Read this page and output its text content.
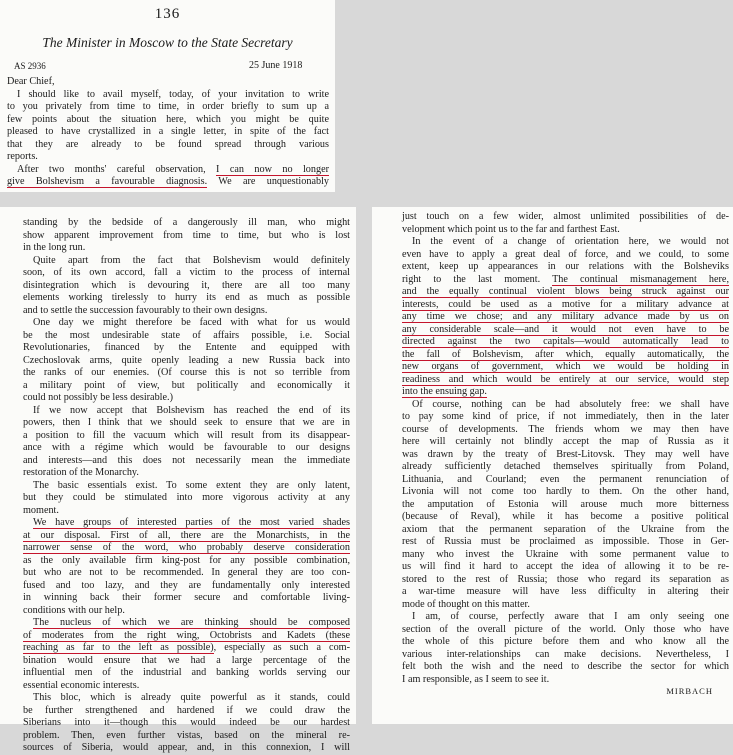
136
The Minister in Moscow to the State Secretary
AS 2936	25 June 1918
Dear Chief,
I should like to avail myself, today, of your invitation to write
to you privately from time to time, in order briefly to sum up a
few points about the situation here, which you might be quite
pleased to have crystallized in a single letter, in spite of the fact
that they are already to be found spread through various
reports.
After two months' careful observation, I can now no longer
give Bolshevism a favourable diagnosis. We are unquestionably
standing by the bedside of a dangerously ill man, who might
show apparent improvement from time to time, but who is lost
in the long run.
Quite apart from the fact that Bolshevism would definitely
soon, of its own accord, fall a victim to the process of internal
disintegration which is devouring it, there are all too many
elements working tirelessly to hurry its end as much as possible
and to settle the succession favourably to their own designs.
One day we might therefore be faced with what for us would
be the most undesirable state of affairs possible, i.e. Social
Revolutionaries, financed by the Entente and equipped with
Czechoslovak arms, quite openly leading a new Russia back into
the ranks of our enemies. (Of course this is not so terrible from
a military point of view, but politically and economically it
could not possibly be less desirable.)
If we now accept that Bolshevism has reached the end of its
powers, then I think that we should seek to ensure that we are in
a position to fill the vacuum which will result from its disappear-
ance with a régime which would be favourable to our designs
and interests—and this does not necessarily mean the immediate
restoration of the Monarchy.
The basic essentials exist. To some extent they are only latent,
but they could be stimulated into more vigorous activity at any
moment.
We have groups of interested parties of the most varied shades
at our disposal. First of all, there are the Monarchists, in the
narrower sense of the word, who probably deserve consideration
as the only available firm king-post for any possible combination,
but who are not to be recommended. In general they are too con-
fused and too lazy, and they are fundamentally only interested
in winning back their former secure and comfortable living-
conditions with our help.
The nucleus of which we are thinking should be composed
of moderates from the right wing, Octobrists and Kadets (these
reaching as far to the left as possible), especially as such a com-
bination would ensure that we had a large percentage of the
influential men of the industrial and banking worlds serving our
essential economic interests.
This bloc, which is already quite powerful as it stands, could
be further strengthened and hardened if we could draw the
Siberians into it—though this would indeed be our hardest
problem. Then, even further vistas, based on the mineral re-
sources of Siberia, would appear, and, in this connexion, I will
just touch on a few wider, almost unlimited possibilities of de-
velopment which point us to the far and farthest East.
In the event of a change of orientation here, we would not
even have to apply a great deal of force, and we could, to some
extent, keep up appearances in our relations with the Bolsheviks
right to the last moment. The continual mismanagement here,
and the equally continual violent blows being struck against our
interests, could be used as a motive for a military advance at
any time we chose; and any military advance made by us on
any considerable scale—and it would not even have to be
directed against the two capitals—would automatically lead to
the fall of Bolshevism, after which, equally automatically, the
new organs of government, which we would be holding in
readiness and which would be entirely at our service, would step
into the ensuing gap.
Of course, nothing can be had absolutely free: we shall have
to pay some kind of price, if not immediately, then in the later
course of developments. The friends whom we may then have
here will certainly not blindly accept the map of Russia as it
was drawn by the treaty of Brest-Litovsk. They may well have
already sufficiently detached themselves spiritually from Poland,
Lithuania, and Courland; even the permanent renunciation of
Livonia will not come too hardly to them. On the other hand,
the amputation of Estonia will arouse much more bitterness
(because of Reval), while it has become a positive political
axiom that the permanent separation of the Ukraine from the
rest of Russia must be proclaimed as impossible. Those in Ger-
many who invest the Ukraine with some permanent value to
us will find it hard to accept the idea of allowing it to be re-
stored to the rest of Russia; those who regard its separation as
a war-time measure will have less difficulty in altering their
mode of thought on this matter.
I am, of course, perfectly aware that I am only seeing one
section of the overall picture of the world. Only those who have
the whole of this picture before them and who know all the
various inter-relationships can make decisions. Nevertheless, I
felt both the wish and the need to describe the sector for which
I am responsible, as I seem to see it.
MIRBACH
